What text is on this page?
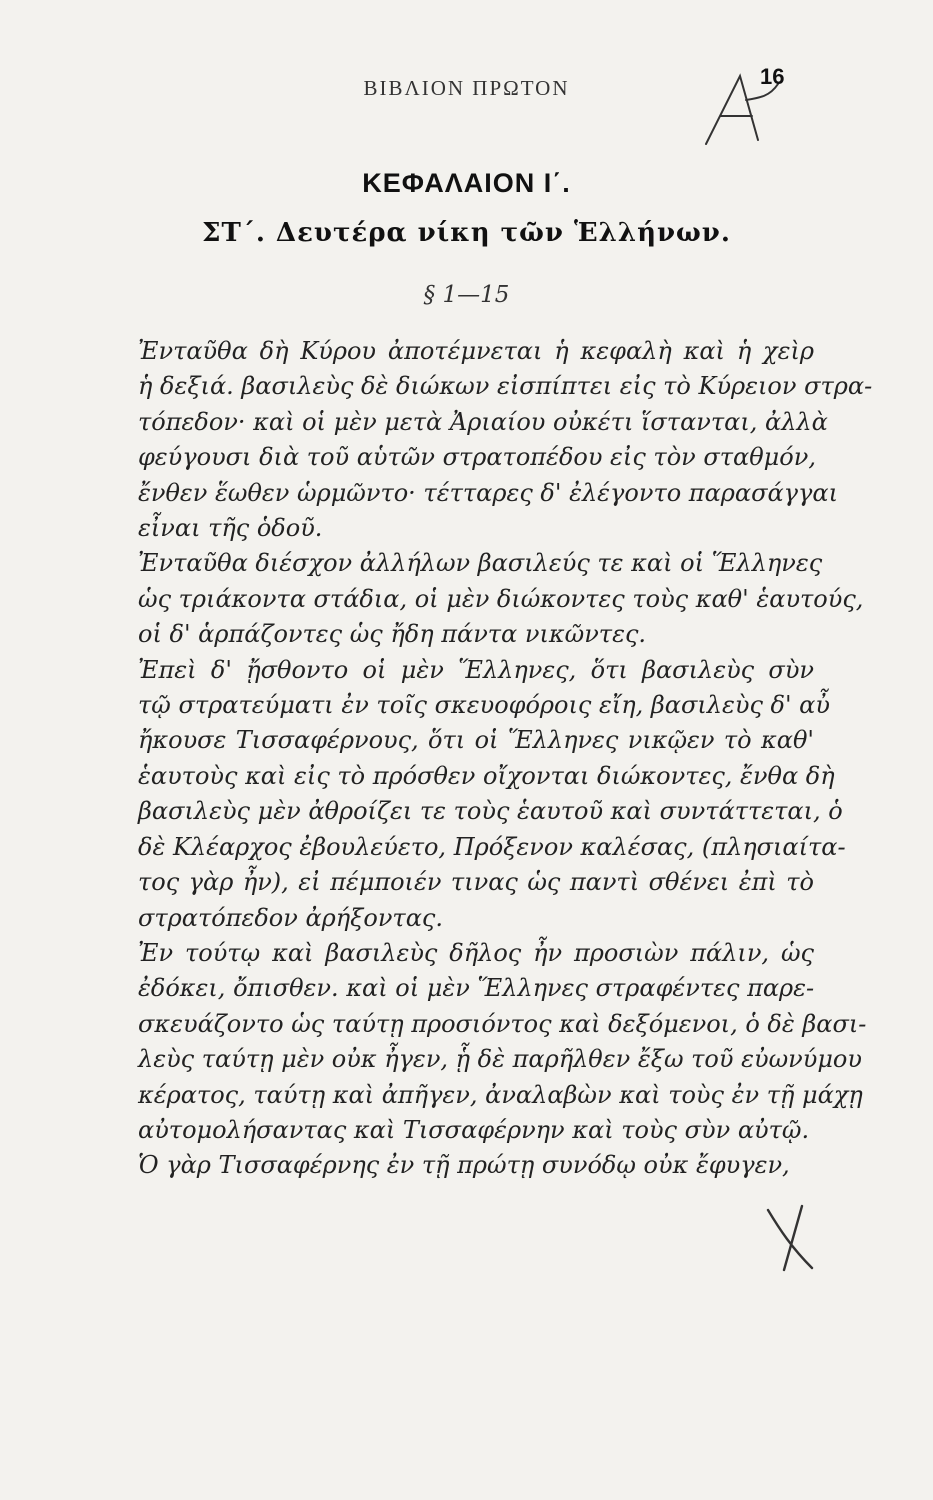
ΒΙΒΛΙΟΝ ΠΡΩΤΟΝ	16
ΚΕΦΑΛΑΙΟΝ Ι΄.
ΣΤ΄. Δευτέρα νίκη τῶν Ἑλλήνων.
§ 1—15
Ἐνταῦθα δὴ Κύρου ἀποτέμνεται ἡ κεφαλὴ καὶ ἡ χεὶρ
ἡ δεξιά. βασιλεὺς δὲ διώκων εἰσπίπτει εἰς τὸ Κύρειον στρα-
τόπεδον· καὶ οἱ μὲν μετὰ Ἀριαίου οὐκέτι ἵστανται, ἀλλὰ
φεύγουσι διὰ τοῦ αὑτῶν στρατοπέδου εἰς τὸν σταθμόν,
ἔνθεν ἕωθεν ὡρμῶντο· τέτταρες δ' ἐλέγοντο παρασάγγαι
εἶναι τῆς ὁδοῦ.
Ἐνταῦθα διέσχον ἀλλήλων βασιλεύς τε καὶ οἱ Ἕλληνες
ὡς τριάκοντα στάδια, οἱ μὲν διώκοντες τοὺς καθ' ἑαυτούς,
οἱ δ' ἁρπάζοντες ὡς ἤδη πάντα νικῶντες.
Ἐπεὶ δ' ᾔσθοντο οἱ μὲν Ἕλληνες, ὅτι βασιλεὺς σὺν
τῷ στρατεύματι ἐν τοῖς σκευοφόροις εἴη, βασιλεὺς δ' αὖ
ἤκουσε Τισσαφέρνους, ὅτι οἱ Ἕλληνες νικῷεν τὸ καθ'
ἑαυτοὺς καὶ εἰς τὸ πρόσθεν οἴχονται διώκοντες, ἔνθα δὴ
βασιλεὺς μὲν ἀθροίζει τε τοὺς ἑαυτοῦ καὶ συντάττεται, ὁ
δὲ Κλέαρχος ἐβουλεύετο, Πρόξενον καλέσας, (πλησιαίτα-
τος γὰρ ἦν), εἰ πέμποιέν τινας ὡς παντὶ σθένει ἐπὶ τὸ
στρατόπεδον ἀρήξοντας.
Ἐν τούτῳ καὶ βασιλεὺς δῆλος ἦν προσιὼν πάλιν, ὡς
ἐδόκει, ὄπισθεν. καὶ οἱ μὲν Ἕλληνες στραφέντες παρε-
σκευάζοντο ὡς ταύτῃ προσιόντος καὶ δεξόμενοι, ὁ δὲ βασι-
λεὺς ταύτῃ μὲν οὐκ ἦγεν, ᾗ δὲ παρῆλθεν ἔξω τοῦ εὐωνύμου
κέρατος, ταύτῃ καὶ ἀπῆγεν, ἀναλαβὼν καὶ τοὺς ἐν τῇ μάχῃ
αὐτομολήσαντας καὶ Τισσαφέρνην καὶ τοὺς σὺν αὐτῷ.
Ὁ γὰρ Τισσαφέρνης ἐν τῇ πρώτῃ συνόδῳ οὐκ ἔφυγεν,
